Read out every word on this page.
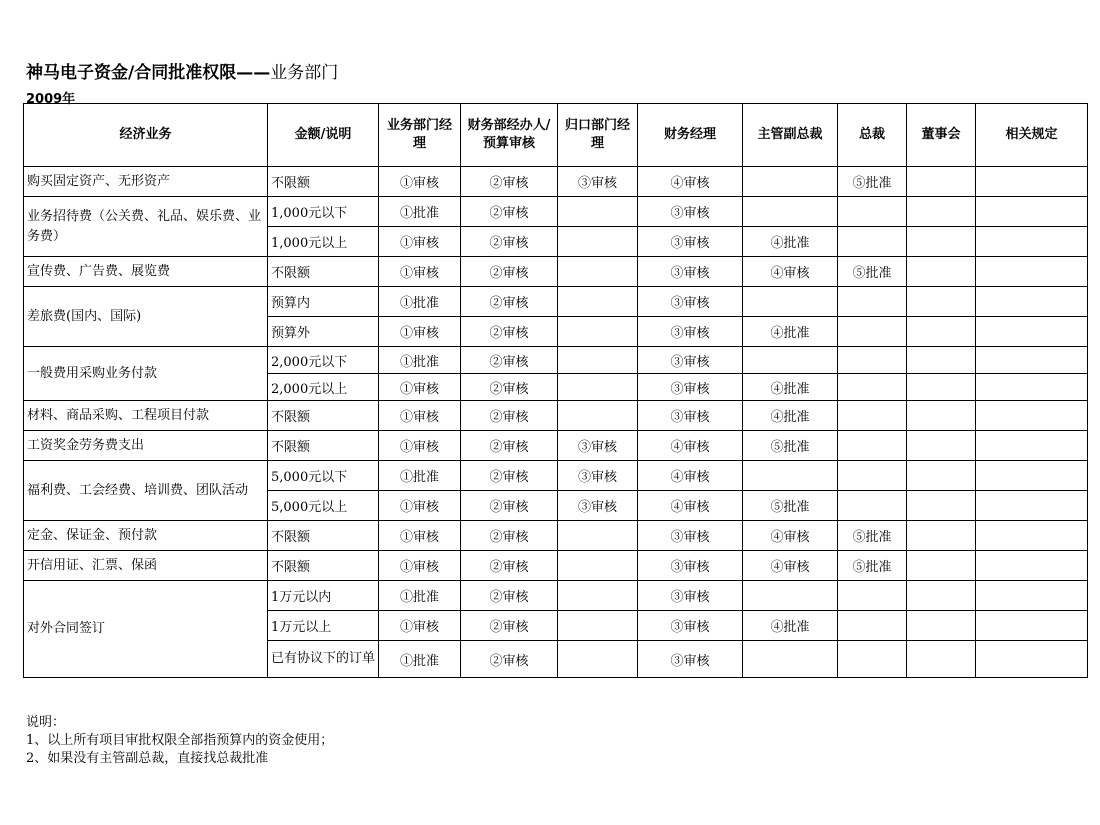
神马电子资金/合同批准权限——业务部门
2009年
经济业务	金额/说明	业务部门经理	财务部经办人/预算审核	归口部门经理	财务经理	主管副总裁	总裁	董事会	相关规定
购买固定资产、无形资产	不限额	①审核	②审核	③审核	④审核		⑤批准		
业务招待费（公关费、礼品、娱乐费、业务费）	1,000元以下	①批准	②审核		③审核				
	1,000元以上	①审核	②审核		③审核	④批准			
宣传费、广告费、展览费	不限额	①审核	②审核		③审核	④审核	⑤批准		
差旅费(国内、国际)	预算内	①批准	②审核		③审核				
	预算外	①审核	②审核		③审核	④批准			
一般费用采购业务付款	2,000元以下	①批准	②审核		③审核				
	2,000元以上	①审核	②审核		③审核	④批准			
材料、商品采购、工程项目付款	不限额	①审核	②审核		③审核	④批准			
工资奖金劳务费支出	不限额	①审核	②审核	③审核	④审核	⑤批准			
福利费、工会经费、培训费、团队活动	5,000元以下	①批准	②审核	③审核	④审核				
	5,000元以上	①审核	②审核	③审核	④审核	⑤批准			
定金、保证金、预付款	不限额	①审核	②审核		③审核	④审核	⑤批准		
开信用证、汇票、保函	不限额	①审核	②审核		③审核	④审核	⑤批准		
对外合同签订	1万元以内	①批准	②审核		③审核				
	1万元以上	①审核	②审核		③审核	④批准			
	已有协议下的订单	①批准	②审核		③审核				
说明：
1、以上所有项目审批权限全部指预算内的资金使用；
2、如果没有主管副总裁，直接找总裁批准
